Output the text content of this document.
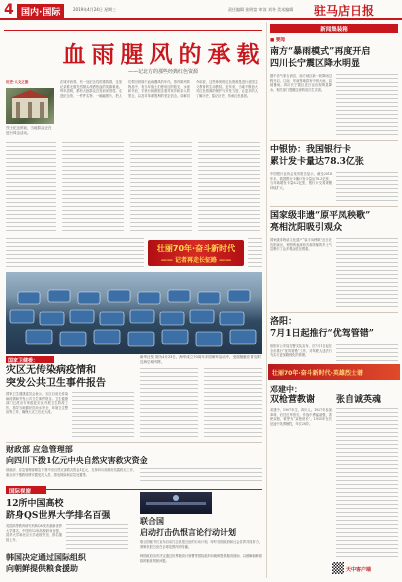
4 国内·国际	2019年4月24日 星期三	责任编辑 张明富 审读 刘冬 美术编辑 驻马店日报
血雨腥风的承载
——记北方的那些经典红色资源
历史·人文之旅
烈士纪念馆前，当地群众正在进行悼念活动。
在城市西郊，有一处纪念性的建筑群，这里记录着无数先烈抛头颅洒热血的英雄事迹。每年清明，都有大批群众自发前来祭奠。走进纪念馆，一件件实物、一幅幅图片，把人们带回到那个血雨腥风的年代。馆内陈列的物品中，有当年战士们使用过的枪支、水壶和书信，字里行间都饱含着对家乡和亲人的思念，以及对革命胜利的坚定信念。讲解员介绍说，这些珍贵的红色资源是进行爱国主义教育的生动教材。近年来，当地不断加大对红色资源的保护与开发力度，让更多的人了解历史，铭记历史，传承红色基因。
壮丽70年·奋斗新时代
—— 记者再走长征路 ——
新华社发 图为4月23日，海军成立70周年多国海军活动中，受阅舰艇在青岛附近海空域列阵。
国家卫健委：
灾区无传染病疫情和
突发公共卫生事件报告
国家卫生健康委员会表示，灾区目前无传染病疫情和突发公共卫生事件报告。卫生健康部门已派出专家组赴灾区开展卫生防疫工作，指导当地做好饮用水安全、环境卫生整治等工作，确保大灾之后无大疫。
财政部 应急管理部
向四川下拨1亿元中央自然灾害救灾资金
财政部、应急管理部紧急下拨中央自然灾害救灾资金1亿元，支持四川省做好抗震救灾工作，重点用于搜救转移安置受灾人员、排危除险和应急处置等。
国际视窗
12所中国高校
跻身QS世界大学排名百强
英国高等教育研究机构QS发布最新世界大学排名，中国有12所高校跻身百强，清华大学和北京大学表现突出，排名继续上升。
联合国
启动打击仇恨言论行动计划
联合国秘书长宣布启动打击仇恨言论的行动计划，呼吁各国政府和社会各界共同努力，遏制仇恨言论在全球范围内的传播。
韩国决定通过国际组织
向朝鲜提供粮食援助
韩国政府宣布决定通过世界粮食计划署等国际组织向朝鲜提供粮食援助，以缓解朝鲜面临的粮食短缺问题。
新闻集装箱
■ 要闻
南方“暴雨模式”再度开启
四川长宁震区降水明显
据中央气象台消息，南方地区新一轮降雨过程开启，江南、华南等地将有中到大雨，局地暴雨。四川长宁震区近日也出现明显降水，相关部门提醒注意防范次生灾害。
中银协：我国银行卡
累计发卡量达78.3亿张
中国银行业协会发布报告显示，截至2018年末，我国银行卡累计发卡量达78.3亿张，当年新增发卡量6.2亿张，银行卡交易规模持续扩大。
国家级非遗“原平凤秧歌”
亮相沈阳吸引观众
国家级非物质文化遗产“原平凤秧歌”近日在沈阳演出，独特的表演形式和浓郁的乡土气息吸引了众多观众驻足观看。
洛阳：
7月1日起推行“优驾管错”
洛阳市公安局交警支队宣布，自7月1日起在全市推行“优驾管错”工作，对驾驶人违法行为实行更加精细化的管理。
壮丽70年·奋斗新时代·英雄烈士谱
邓建中：
双枪营教谢	张自诚英魂
邓建中，1907年生，四川人。1927年参加革命，后任红军营长。作战中勇猛顽强，善使双枪，被誉为“双枪营长”。1935年在长征途中英勇牺牲，年仅28岁。
天中客户端
